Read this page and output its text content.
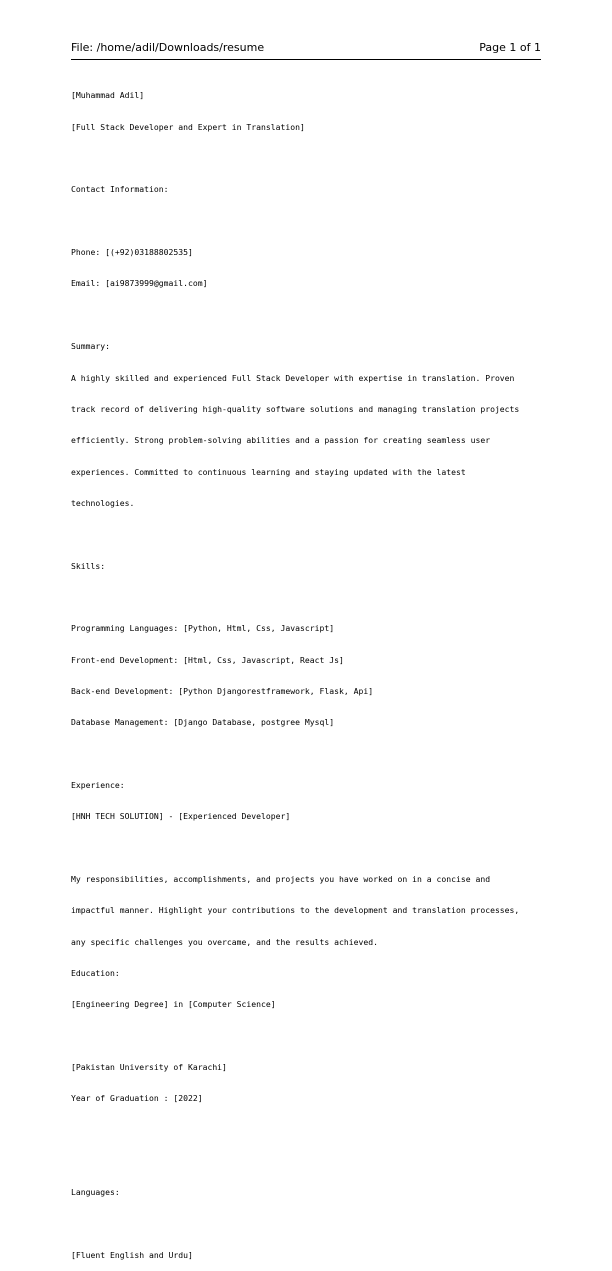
File: /home/adil/Downloads/resume	Page 1 of 1

[Muhammad Adil]

[Full Stack Developer and Expert in Translation]

Contact Information:

Phone: [(+92)03188802535]

Email: [ai9873999@gmail.com]

Summary:

A highly skilled and experienced Full Stack Developer with expertise in translation. Proven

track record of delivering high-quality software solutions and managing translation projects

efficiently. Strong problem-solving abilities and a passion for creating seamless user

experiences. Committed to continuous learning and staying updated with the latest

technologies.

Skills:

Programming Languages: [Python, Html, Css, Javascript]

Front-end Development: [Html, Css, Javascript, React Js]

Back-end Development: [Python Djangorestframework, Flask, Api]

Database Management: [Django Database, postgree Mysql]

Experience:

[HNH TECH SOLUTION] - [Experienced Developer]

My responsibilities, accomplishments, and projects you have worked on in a concise and

impactful manner. Highlight your contributions to the development and translation processes,

any specific challenges you overcame, and the results achieved.

Education:

[Engineering Degree] in [Computer Science]

[Pakistan University of Karachi]

Year of Graduation : [2022]

Languages:

[Fluent English and Urdu]
